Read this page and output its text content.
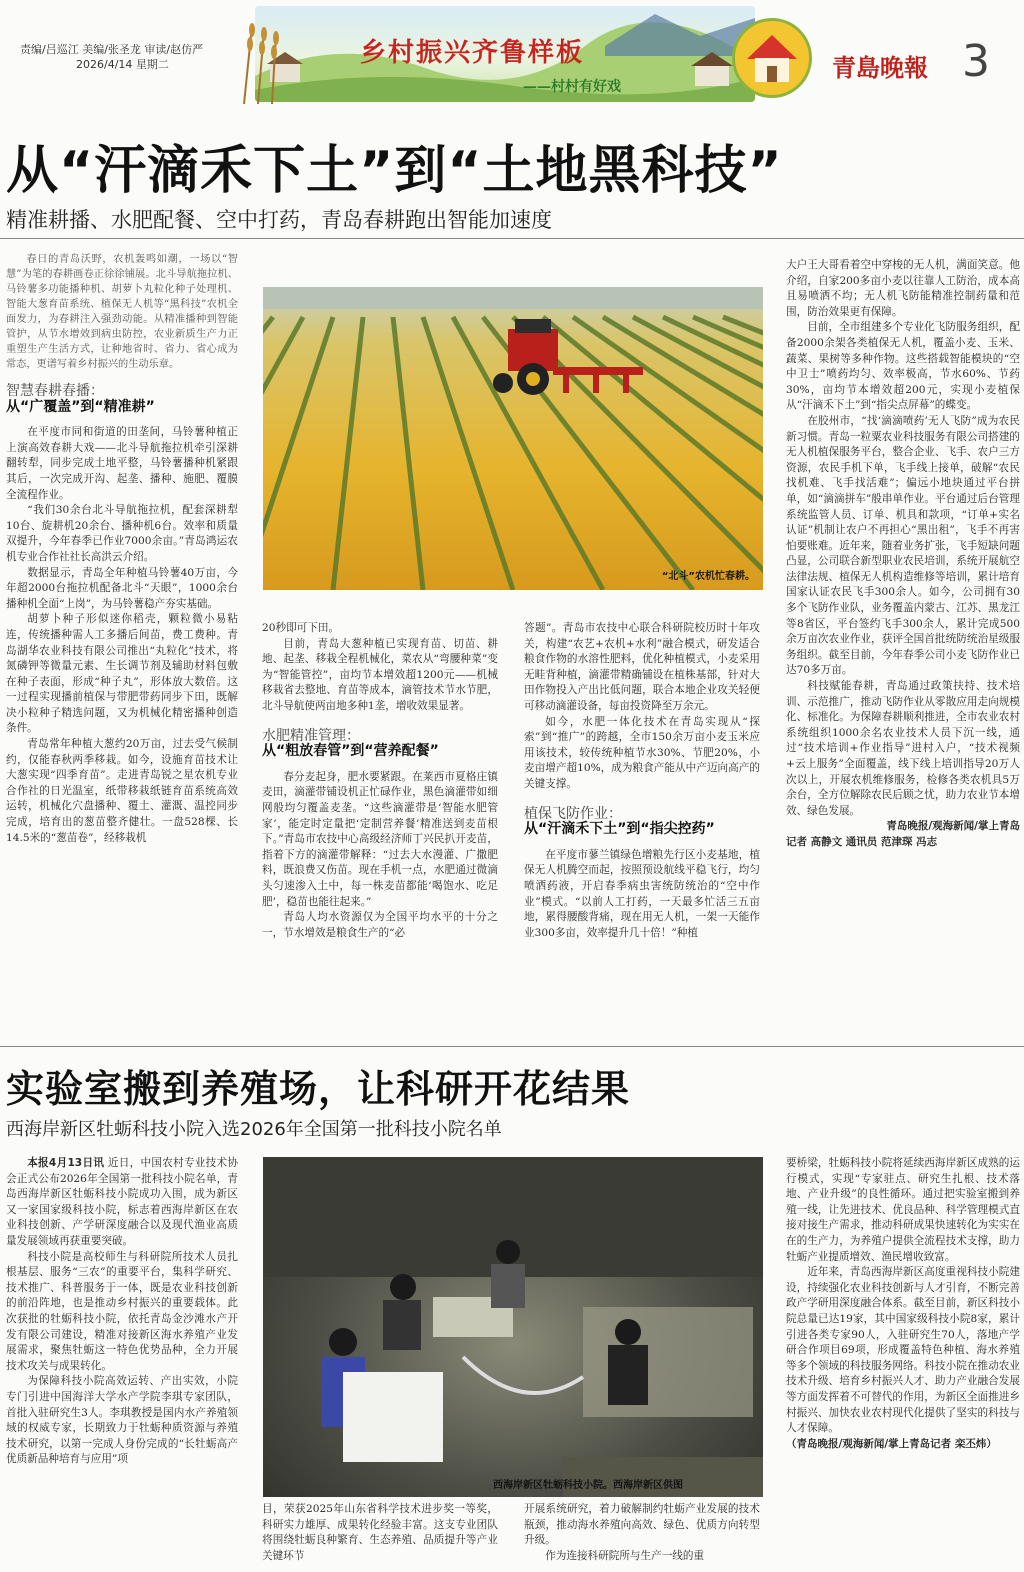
责编/吕巡江 美编/张圣龙 审读/赵仿严
2026/4/14 星期二	乡村振兴齐鲁样板
——村村有好戏
青島晚報 3
从“汗滴禾下土”到“土地黑科技”
精准耕播、水肥配餐、空中打药，青岛春耕跑出智能加速度
春日的青岛沃野，农机轰鸣如潮，一场以“智慧”为笔的春耕画卷正徐徐铺展。北斗导航拖拉机、马铃薯多功能播种机、胡萝卜丸粒化种子处理机、智能大葱育苗系统、植保无人机等“黑科技”农机全面发力，为春耕注入强劲动能。从精准播种到智能管护，从节水增效到病虫防控，农业新质生产力正重塑生产生活方式，让种地省时、省力、省心成为常态，更谱写着乡村振兴的生动乐章。
智慧春耕春播：
从“广覆盖”到“精准耕”

在平度市同和街道的田垄间，马铃薯种植正上演高效春耕大戏——北斗导航拖拉机牵引深耕翻转犁，同步完成土地平整，马铃薯播种机紧跟其后，一次完成开沟、起垄、播种、施肥、覆膜全流程作业。

“我们30余台北斗导航拖拉机，配套深耕犁10台、旋耕机20余台、播种机6台。效率和质量双提升，今年春季已作业7000余亩。”青岛鸿运农机专业合作社社长高洪云介绍。

数据显示，青岛全年种植马铃薯40万亩，今年超2000台拖拉机配备北斗“天眼”，1000余台播种机全面“上岗”，为马铃薯稳产夯实基础。

胡萝卜种子形似迷你稻壳，颗粒微小易粘连，传统播种需人工多播后间苗，费工费种。青岛湖华农业科技有限公司推出“丸粒化”技术，将氮磷钾等微量元素、生长调节剂及辅助材料包敷在种子表面，形成“种子丸”，形体放大数倍。这一过程实现播前植保与带肥带药同步下田，既解决小粒种子精选问题，又为机械化精密播种创造条件。

青岛常年种植大葱约20万亩，过去受气候制约，仅能春秋两季移栽。如今，设施育苗技术让大葱实现“四季育苗”。走进青岛锐之星农机专业合作社的日光温室，纸带移栽纸链育苗系统高效运转，机械化穴盘播种、覆土、灌溉、温控同步完成，培育出的葱苗整齐健壮。一盘528棵、长14.5米的“葱苗卷”，经移栽机

“北斗”农机忙春耕。

20秒即可下田。

目前，青岛大葱种植已实现育苗、切苗、耕地、起垄、移栽全程机械化，菜农从“弯腰种菜”变为“智能管控”，亩均节本增效超1200元——机械移栽省去整地、育苗等成本，滴管技术节水节肥，北斗导航使两亩地多种1垄，增收效果显著。

水肥精准管理：
从“粗放春管”到“营养配餐”

春分麦起身，肥水要紧跟。在莱西市夏格庄镇麦田，滴灌带铺设机正忙碌作业，黑色滴灌带如细网般均匀覆盖麦垄。“这些滴灌带是‘智能水肥管家’，能定时定量把‘定制营养餐’精准送到麦苗根下。”青岛市农技中心高级经济师丁兴民扒开麦苗，指着下方的滴灌带解释：“过去大水漫灌、广撒肥料，既浪费又伤苗。现在手机一点，水肥通过微滴头匀速渗入土中，每一株麦苗都能‘喝饱水、吃足肥’，稳苗也能往起来。”

青岛人均水资源仅为全国平均水平的十分之一，节水增效是粮食生产的“必

答题”。青岛市农技中心联合科研院校历时十年攻关，构建“农艺+农机+水利”融合模式，研发适合粮食作物的水溶性肥料，优化种植模式，小麦采用无畦背种植，滴灌带精确铺设在植株基部，针对大田作物投入产出比低问题，联合本地企业攻关轻便可移动滴灌设备，每亩投资降至万余元。

如今，水肥一体化技术在青岛实现从“探索”到“推广”的跨越，全市150余万亩小麦玉米应用该技术，较传统种植节水30%、节肥20%，小麦亩增产超10%，成为粮食产能从中产迈向高产的关键支撑。

植保飞防作业：
从“汗滴禾下土”到“指尖控药”

在平度市蓼兰镇绿色增粮先行区小麦基地，植保无人机腾空而起，按照预设航线平稳飞行，均匀喷洒药液，开启春季病虫害统防统治的“空中作业”模式。“以前人工打药，一天最多忙活三五亩地，累得腰酸背痛，现在用无人机，一架一天能作业300多亩，效率提升几十倍！”种植

大户王大哥看着空中穿梭的无人机，满面笑意。他介绍，自家200多亩小麦以往靠人工防治，成本高且易喷洒不均；无人机飞防能精准控制药量和范围，防治效果更有保障。

目前，全市组建多个专业化飞防服务组织，配备2000余架各类植保无人机，覆盖小麦、玉米、蔬菜、果树等多种作物。这些搭载智能模块的“空中卫士”喷药均匀、效率极高，节水60%、节药30%，亩均节本增效超200元，实现小麦植保从“汗滴禾下土”到“指尖点屏幕”的蝶变。

在胶州市，“找‘滴滴喷药’无人飞防”成为农民新习惯。青岛一粒粟农业科技服务有限公司搭建的无人机植保服务平台，整合企业、飞手、农户三方资源，农民手机下单，飞手线上接单，破解“农民找机难、飞手找活难”；偏远小地块通过平台拼单，如“滴滴拼车”般串单作业。平台通过后台管理系统监管人员、订单、机具和款项，“订单+实名认证”机制让农户不再担心“黑出租”，飞手不再害怕要账难。近年来，随着业务扩张，飞手短缺问题凸显，公司联合新型职业农民培训，系统开展航空法律法规、植保无人机构造维修等培训，累计培育国家认证农民飞手300余人。如今，公司拥有30多个飞防作业队，业务覆盖内蒙古、江苏、黑龙江等8省区，平台签约飞手300余人，累计完成500余万亩次农业作业，获评全国首批统防统治星级服务组织。截至目前，今年春季公司小麦飞防作业已达70多万亩。

科技赋能春耕，青岛通过政策扶持、技术培训、示范推广，推动飞防作业从零散应用走向规模化、标准化。为保障春耕顺利推进，全市农业农村系统组织1000余名农业技术人员下沉一线，通过“技术培训+作业指导”进村入户，“技术视频+云上服务”全面覆盖，线下线上培训指导20万人次以上，开展农机维修服务，检修各类农机具5万余台，全方位解除农民后顾之忧，助力农业节本增效、绿色发展。

青岛晚报/观海新闻/掌上青岛
记者 高静文 通讯员 范津琛 冯志
实验室搬到养殖场，让科研开花结果
西海岸新区牡蛎科技小院入选2026年全国第一批科技小院名单

本报4月13日讯 近日，中国农村专业技术协会正式公布2026年全国第一批科技小院名单，青岛西海岸新区牡蛎科技小院成功入围，成为新区又一家国家级科技小院，标志着西海岸新区在农业科技创新、产学研深度融合以及现代渔业高质量发展领域再获重要突破。

科技小院是高校师生与科研院所技术人员扎根基层、服务“三农”的重要平台，集科学研究、技术推广、科普服务于一体，既是农业科技创新的前沿阵地，也是推动乡村振兴的重要载体。此次获批的牡蛎科技小院，依托青岛金沙滩水产开发有限公司建设，精准对接新区海水养殖产业发展需求，聚焦牡蛎这一特色优势品种，全力开展技术攻关与成果转化。

为保障科技小院高效运转、产出实效，小院专门引进中国海洋大学水产学院李琪专家团队，首批入驻研究生3人。李琪教授是国内水产养殖领域的权威专家，长期致力于牡蛎种质资源与养殖技术研究，以第一完成人身份完成的“长牡蛎高产优质新品种培育与应用”项

西海岸新区牡蛎科技小院。西海岸新区供图

目，荣获2025年山东省科学技术进步奖一等奖，科研实力雄厚、成果转化经验丰富。这支专业团队将围绕牡蛎良种繁育、生态养殖、品质提升等产业关键环节

开展系统研究，着力破解制约牡蛎产业发展的技术瓶颈，推动海水养殖向高效、绿色、优质方向转型升级。

作为连接科研院所与生产一线的重

要桥梁，牡蛎科技小院将延续西海岸新区成熟的运行模式，实现“专家驻点、研究生扎根、技术落地、产业升级”的良性循环。通过把实验室搬到养殖一线，让先进技术、优良品种、科学管理模式直接对接生产需求，推动科研成果快速转化为实实在在的生产力，为养殖户提供全流程技术支撑，助力牡蛎产业提质增效、渔民增收致富。

近年来，青岛西海岸新区高度重视科技小院建设，持续强化农业科技创新与人才引育，不断完善政产学研用深度融合体系。截至目前，新区科技小院总量已达19家，其中国家级科技小院8家，累计引进各类专家90人，入驻研究生70人，落地产学研合作项目69项，形成覆盖特色种植、海水养殖等多个领域的科技服务网络。科技小院在推动农业技术升级、培育乡村振兴人才、助力产业融合发展等方面发挥着不可替代的作用，为新区全面推进乡村振兴、加快农业农村现代化提供了坚实的科技与人才保障。

（青岛晚报/观海新闻/掌上青岛记者 栾丕炜）
